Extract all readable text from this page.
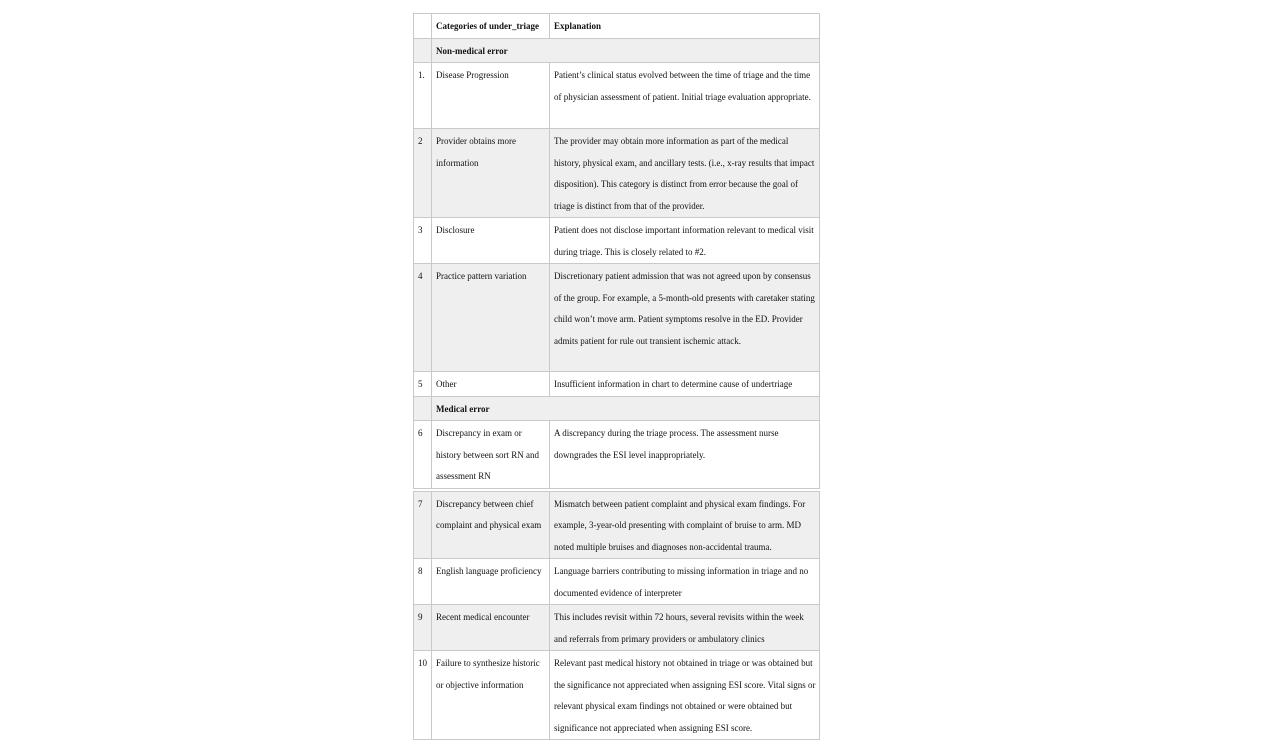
	Categories of under_triage	Explanation
	Non-medical error	
1.	Disease Progression	Patient’s clinical status evolved between the time of triage and the time of physician assessment of patient. Initial triage evaluation appropriate.
2	Provider obtains more information	The provider may obtain more information as part of the medical history, physical exam, and ancillary tests. (i.e., x-ray results that impact disposition). This category is distinct from error because the goal of triage is distinct from that of the provider.
3	Disclosure	Patient does not disclose important information relevant to medical visit during triage. This is closely related to #2.
4	Practice pattern variation	Discretionary patient admission that was not agreed upon by consensus of the group. For example, a 5-month-old presents with caretaker stating child won’t move arm. Patient symptoms resolve in the ED. Provider admits patient for rule out transient ischemic attack.
5	Other	Insufficient information in chart to determine cause of undertriage
	Medical error	
6	Discrepancy in exam or history between sort RN and assessment RN	A discrepancy during the triage process. The assessment nurse downgrades the ESI level inappropriately.

7	Discrepancy between chief complaint and physical exam	Mismatch between patient complaint and physical exam findings. For example, 3-year-old presenting with complaint of bruise to arm. MD noted multiple bruises and diagnoses non-accidental trauma.
8	English language proficiency	Language barriers contributing to missing information in triage and no documented evidence of interpreter
9	Recent medical encounter	This includes revisit within 72 hours, several revisits within the week and referrals from primary providers or ambulatory clinics
10	Failure to synthesize historic or objective information	Relevant past medical history not obtained in triage or was obtained but the significance not appreciated when assigning ESI score. Vital signs or relevant physical exam findings not obtained or were obtained but significance not appreciated when assigning ESI score.
